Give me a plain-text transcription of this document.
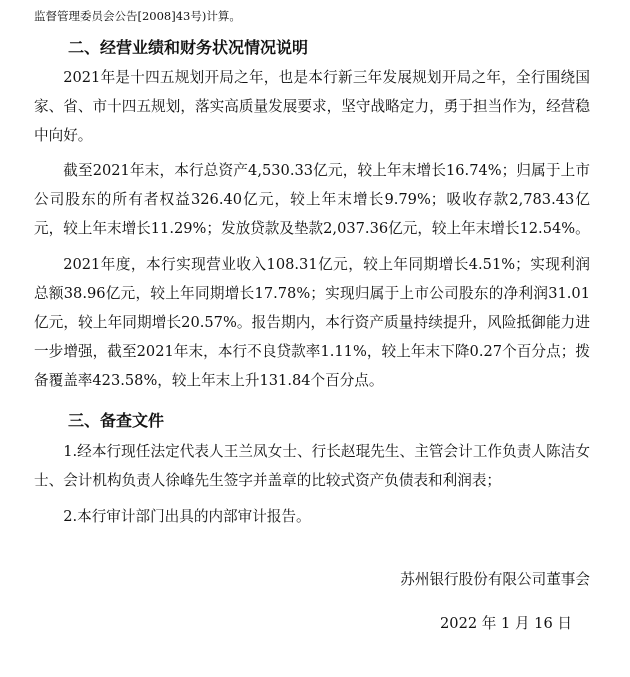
监督管理委员会公告[2008]43号)计算。
二、经营业绩和财务状况情况说明

2021年是十四五规划开局之年，也是本行新三年发展规划开局之年，全行围绕国家、省、市十四五规划，落实高质量发展要求，坚守战略定力，勇于担当作为，经营稳中向好。

截至2021年末，本行总资产4,530.33亿元，较上年末增长16.74%；归属于上市公司股东的所有者权益326.40亿元，较上年末增长9.79%；吸收存款2,783.43亿元，较上年末增长11.29%；发放贷款及垫款2,037.36亿元，较上年末增长12.54%。

2021年度，本行实现营业收入108.31亿元，较上年同期增长4.51%；实现利润总额38.96亿元，较上年同期增长17.78%；实现归属于上市公司股东的净利润31.01亿元，较上年同期增长20.57%。报告期内，本行资产质量持续提升，风险抵御能力进一步增强，截至2021年末，本行不良贷款率1.11%，较上年末下降0.27个百分点；拨备覆盖率423.58%，较上年末上升131.84个百分点。

三、备查文件

1.经本行现任法定代表人王兰凤女士、行长赵琨先生、主管会计工作负责人陈洁女士、会计机构负责人徐峰先生签字并盖章的比较式资产负债表和利润表；

2.本行审计部门出具的内部审计报告。

苏州银行股份有限公司董事会
2022 年 1 月 16 日
